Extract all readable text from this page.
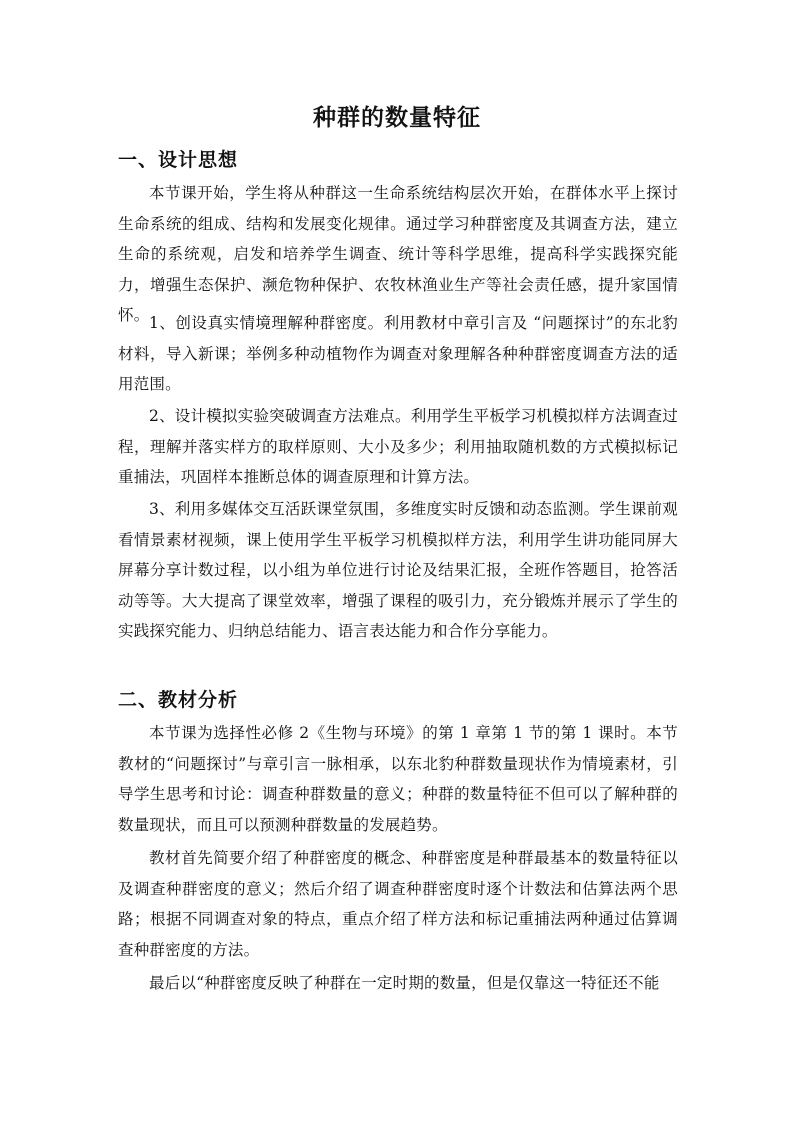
种群的数量特征
一、设计思想

本节课开始，学生将从种群这一生命系统结构层次开始，在群体水平上探讨生命系统的组成、结构和发展变化规律。通过学习种群密度及其调查方法，建立生命的系统观，启发和培养学生调查、统计等科学思维，提高科学实践探究能力，增强生态保护、濒危物种保护、农牧林渔业生产等社会责任感，提升家国情怀。 1、创设真实情境理解种群密度。利用教材中章引言及 “问题探讨”的东北豹材料，导入新课；举例多种动植物作为调查对象理解各种种群密度调查方法的适用范围。

2、设计模拟实验突破调查方法难点。利用学生平板学习机模拟样方法调查过程，理解并落实样方的取样原则、大小及多少；利用抽取随机数的方式模拟标记重捕法，巩固样本推断总体的调查原理和计算方法。

3、利用多媒体交互活跃课堂氛围，多维度实时反馈和动态监测。学生课前观看情景素材视频，课上使用学生平板学习机模拟样方法，利用学生讲功能同屏大屏幕分享计数过程，以小组为单位进行讨论及结果汇报，全班作答题目，抢答活动等等。大大提高了课堂效率，增强了课程的吸引力，充分锻炼并展示了学生的实践探究能力、归纳总结能力、语言表达能力和合作分享能力。

二、教材分析

本节课为选择性必修 2《生物与环境》的第 1 章第 1 节的第 1 课时。本节教材的“问题探讨”与章引言一脉相承，以东北豹种群数量现状作为情境素材，引导学生思考和讨论：调查种群数量的意义；种群的数量特征不但可以了解种群的数量现状，而且可以预测种群数量的发展趋势。

教材首先简要介绍了种群密度的概念、种群密度是种群最基本的数量特征以及调查种群密度的意义；然后介绍了调查种群密度时逐个计数法和估算法两个思路；根据不同调查对象的特点，重点介绍了样方法和标记重捕法两种通过估算调查种群密度的方法。

最后以“种群密度反映了种群在一定时期的数量，但是仅靠这一特征还不能
